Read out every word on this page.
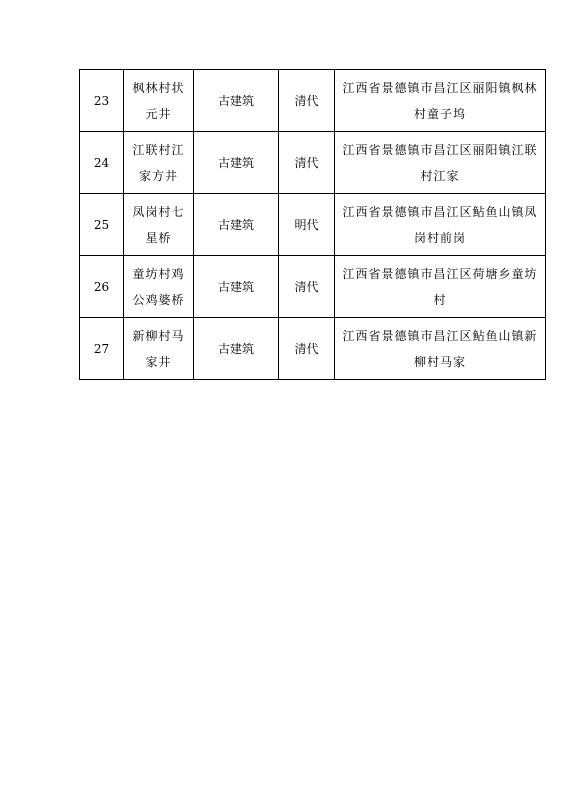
23	枫林村状元井	古建筑	清代	江西省景德镇市昌江区丽阳镇枫林村童子坞
24	江联村江家方井	古建筑	清代	江西省景德镇市昌江区丽阳镇江联村江家
25	凤岗村七星桥	古建筑	明代	江西省景德镇市昌江区鲇鱼山镇凤岗村前岗
26	童坊村鸡公鸡婆桥	古建筑	清代	江西省景德镇市昌江区荷塘乡童坊村
27	新柳村马家井	古建筑	清代	江西省景德镇市昌江区鲇鱼山镇新柳村马家
